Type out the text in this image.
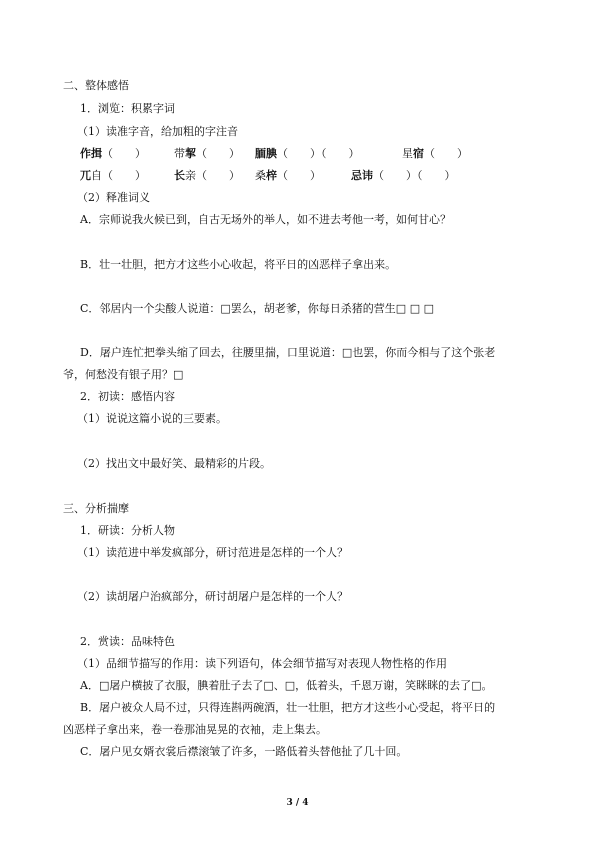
二、整体感悟
1．浏览：积累字词
（1）读准字音，给加粗的字注音
作揖（　　）	带挈（　　） 腼腆（　　）（　　）	星宿（　　）
兀自（　　）	长亲（　　） 桑梓（　　）	忌讳（　　）（　　）
（2）释准词义
A．宗师说我火候已到，自古无场外的举人，如不进去考他一考，如何甘心？
B．壮一壮胆，把方才这些小心收起，将平日的凶恶样子拿出来。
C．邻居内一个尖酸人说道：□罢么，胡老爹，你每日杀猪的营生□ □ □
D．屠户连忙把拳头缩了回去，往腰里揣，口里说道：□也罢，你而今相与了这个张老
爷，何愁没有银子用？□
2．初读：感悟内容
（1）说说这篇小说的三要素。
（2）找出文中最好笑、最精彩的片段。
三、分析揣摩
1．研读：分析人物
（1）读范进中举发疯部分，研讨范进是怎样的一个人？
（2）读胡屠户治疯部分，研讨胡屠户是怎样的一个人？
2．赏读：品味特色
（1）品细节描写的作用：读下列语句，体会细节描写对表现人物性格的作用
A．□屠户横披了衣服，腆着肚子去了□、□，低着头，千恩万谢，笑眯眯的去了□。
B．屠户被众人局不过，只得连斟两碗酒，壮一壮胆，把方才这些小心受起，将平日的
凶恶样子拿出来，卷一卷那油晃晃的衣袖，走上集去。
C．屠户见女婿衣裳后襟滚皱了许多，一路低着头替他扯了几十回。
3 / 4
